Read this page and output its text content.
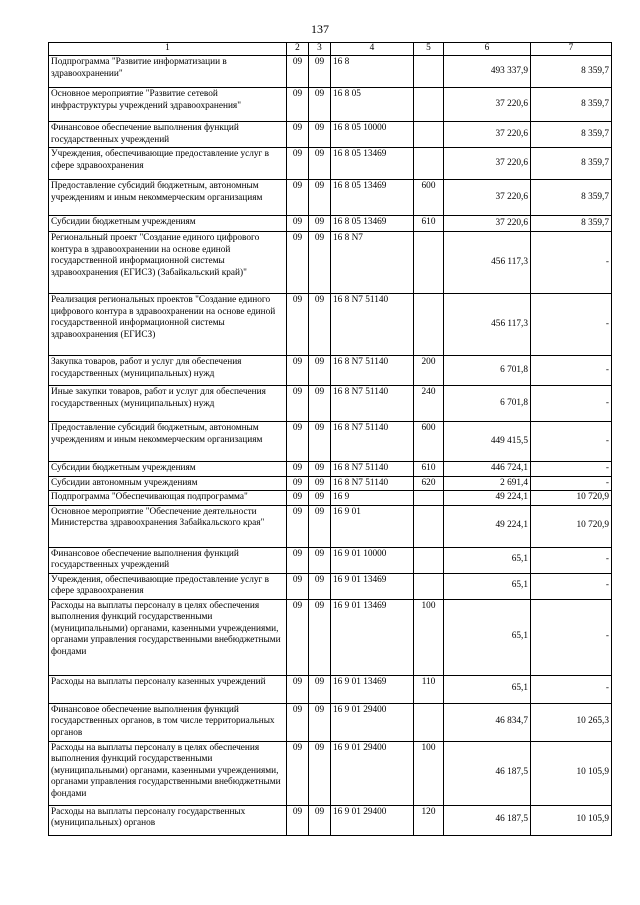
137
1	2	3	4	5	6	7
Подпрограмма "Развитие информатизации в здравоохранении"	09	09	16 8		493 337,9	8 359,7
Основное мероприятие "Развитие сетевой инфраструктуры учреждений здравоохранения"	09	09	16 8 05		37 220,6	8 359,7
Финансовое обеспечение выполнения функций государственных учреждений	09	09	16 8 05 10000		37 220,6	8 359,7
Учреждения, обеспечивающие предоставление услуг в сфере здравоохранения	09	09	16 8 05 13469		37 220,6	8 359,7
Предоставление субсидий бюджетным, автономным учреждениям и иным некоммерческим организациям	09	09	16 8 05 13469	600	37 220,6	8 359,7
Субсидии бюджетным учреждениям	09	09	16 8 05 13469	610	37 220,6	8 359,7
Региональный проект "Создание единого цифрового контура в здравоохранении на основе единой государственной информационной системы здравоохранения (ЕГИСЗ) (Забайкальский край)"	09	09	16 8 N7		456 117,3	-
Реализация региональных проектов "Создание единого цифрового контура в здравоохранении на основе единой государственной информационной системы здравоохранения (ЕГИСЗ)	09	09	16 8 N7 51140		456 117,3	-
Закупка товаров, работ и услуг для обеспечения государственных (муниципальных) нужд	09	09	16 8 N7 51140	200	6 701,8	-
Иные закупки товаров, работ и услуг для обеспечения государственных (муниципальных) нужд	09	09	16 8 N7 51140	240	6 701,8	-
Предоставление субсидий бюджетным, автономным учреждениям и иным некоммерческим организациям	09	09	16 8 N7 51140	600	449 415,5	-
Субсидии бюджетным учреждениям	09	09	16 8 N7 51140	610	446 724,1	-
Субсидии автономным учреждениям	09	09	16 8 N7 51140	620	2 691,4	-
Подпрограмма "Обеспечивающая подпрограмма"	09	09	16 9		49 224,1	10 720,9
Основное мероприятие "Обеспечение деятельности Министерства здравоохранения Забайкальского края"	09	09	16 9 01		49 224,1	10 720,9
Финансовое обеспечение выполнения функций государственных учреждений	09	09	16 9 01 10000		65,1	-
Учреждения, обеспечивающие предоставление услуг в сфере здравоохранения	09	09	16 9 01 13469		65,1	-
Расходы на выплаты персоналу в целях обеспечения выполнения функций государственными (муниципальными) органами, казенными учреждениями, органами управления государственными внебюджетными фондами	09	09	16 9 01 13469	100	65,1	-
Расходы на выплаты персоналу казенных учреждений	09	09	16 9 01 13469	110	65,1	-
Финансовое обеспечение выполнения функций государственных органов, в том числе территориальных органов	09	09	16 9 01 29400		46 834,7	10 265,3
Расходы на выплаты персоналу в целях обеспечения выполнения функций государственными (муниципальными) органами, казенными учреждениями, органами управления государственными внебюджетными фондами	09	09	16 9 01 29400	100	46 187,5	10 105,9
Расходы на выплаты персоналу государственных (муниципальных) органов	09	09	16 9 01 29400	120	46 187,5	10 105,9
